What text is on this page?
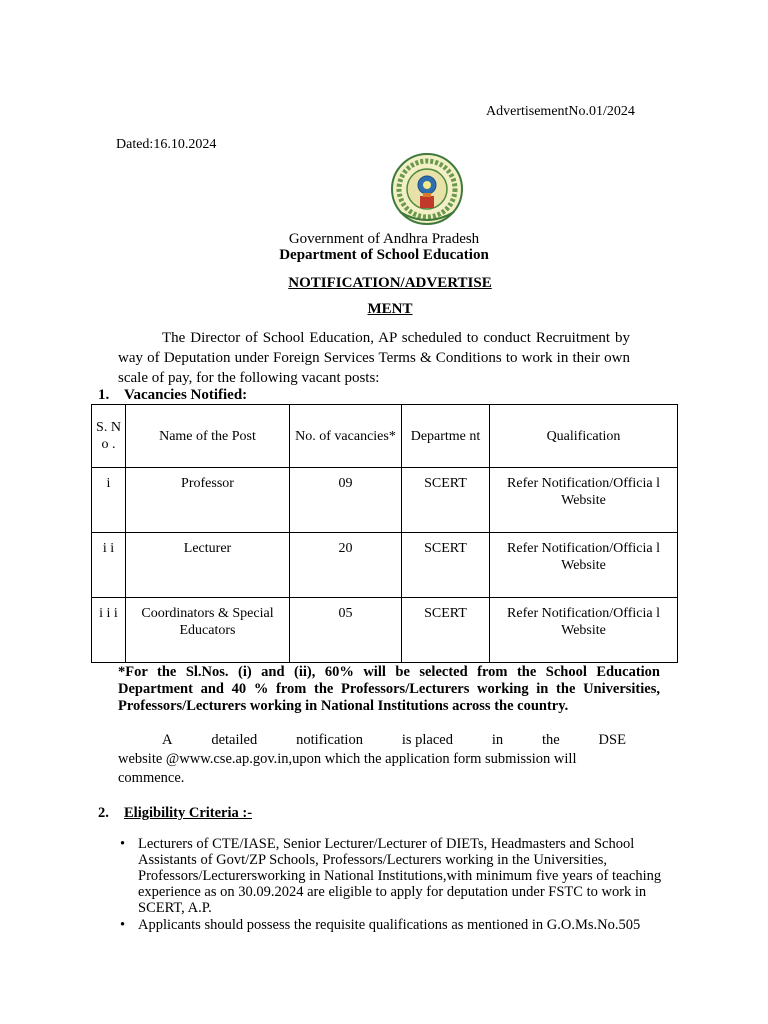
AdvertisementNo.01/2024
Dated:16.10.2024
Government of Andhra Pradesh
Department of School Education
NOTIFICATION/ADVERTISE
MENT
The Director of School Education, AP scheduled to conduct Recruitment by way of Deputation under Foreign Services Terms & Conditions to work in their own scale of pay, for the following vacant posts:
1. Vacancies Notified:
S. No .	Name of the Post	No. of vacancies*	Departme nt	Qualification
i	Professor	09	SCERT	Refer Notification/Officia l Website
i i	Lecturer	20	SCERT	Refer Notification/Officia l Website
i i i	Coordinators & Special Educators	05	SCERT	Refer Notification/Officia l Website
*For the Sl.Nos. (i) and (ii), 60% will be selected from the School Education Department and 40 % from the Professors/Lecturers working in the Universities, Professors/Lecturers working in National Institutions across the country.
A	detailed	notification	is placed	in	the	DSE
website @www.cse.ap.gov.in,upon which the application form submission will commence.
2. Eligibility Criteria :-
• Lecturers of CTE/IASE, Senior Lecturer/Lecturer of DIETs, Headmasters and School Assistants of Govt/ZP Schools, Professors/Lecturers working in the Universities, Professors/Lecturersworking in National Institutions,with minimum five years of teaching experience as on 30.09.2024 are eligible to apply for deputation under FSTC to work in SCERT, A.P.
• Applicants should possess the requisite qualifications as mentioned in G.O.Ms.No.505
